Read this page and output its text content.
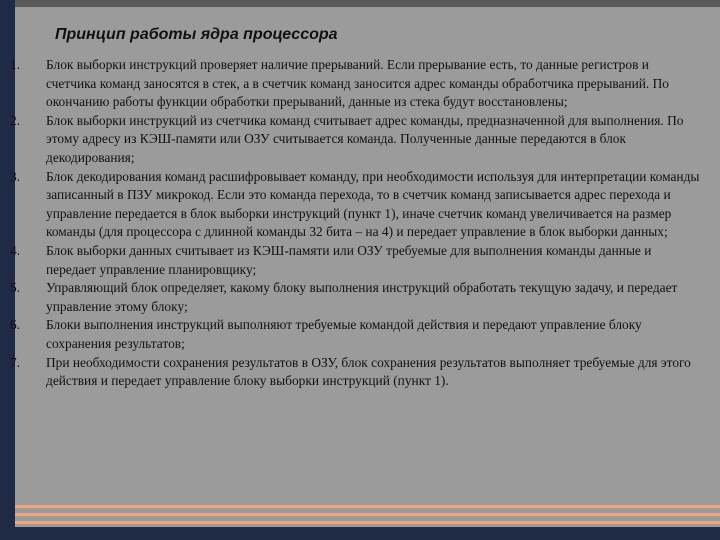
Принцип работы ядра процессора
1.	Блок выборки инструкций проверяет наличие прерываний. Если прерывание есть, то данные регистров и счетчика команд заносятся в стек, а в счетчик команд заносится адрес команды обработчика прерываний. По окончанию работы функции обработки прерываний, данные из стека будут восстановлены;
2.	Блок выборки инструкций из счетчика команд считывает адрес команды, предназначенной для выполнения. По этому адресу из КЭШ-памяти или ОЗУ считывается команда. Полученные данные передаются в блок декодирования;
3.	Блок декодирования команд расшифровывает команду, при необходимости используя для интерпретации команды записанный в ПЗУ микрокод. Если это команда перехода, то в счетчик команд записывается адрес перехода и управление передается в блок выборки инструкций (пункт 1), иначе счетчик команд увеличивается на размер команды (для процессора с длинной команды 32 бита – на 4) и передает управление в блок выборки данных;
4.	Блок выборки данных считывает из КЭШ-памяти или ОЗУ требуемые для выполнения команды данные и передает управление планировщику;
5.	Управляющий блок определяет, какому блоку выполнения инструкций обработать текущую задачу, и передает управление этому блоку;
6.	Блоки выполнения инструкций выполняют требуемые командой действия и передают управление блоку сохранения результатов;
7.	При необходимости сохранения результатов в ОЗУ, блок сохранения результатов выполняет требуемые для этого действия и передает управление блоку выборки инструкций (пункт 1).
